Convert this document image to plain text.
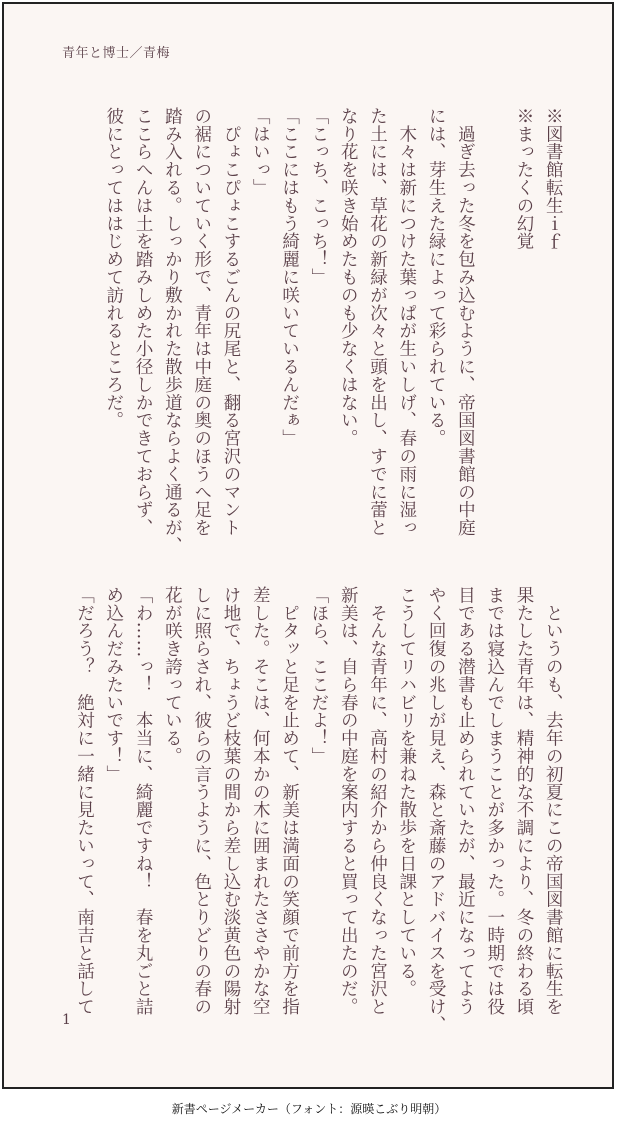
青年と博士／青梅
※図書館転生ｉｆ
※まったくの幻覚
　過ぎ去った冬を包み込むように、帝国図書館の中庭
には、芽生えた緑によって彩られている。
　木々は新につけた葉っぱが生いしげ、春の雨に湿っ
た土には、草花の新緑が次々と頭を出し、すでに蕾と
なり花を咲き始めたものも少なくはない。
「こっち、こっち！」
「ここにはもう綺麗に咲いているんだぁ」
「はいっ」
　ぴょこぴょこするごんの尻尾と、翻る宮沢のマント
の裾についていく形で、青年は中庭の奥のほうへ足を
踏み入れる。しっかり敷かれた散歩道ならよく通るが、
ここらへんは土を踏みしめた小径しかできておらず、
彼にとってははじめて訪れるところだ。
　というのも、去年の初夏にこの帝国図書館に転生を
果たした青年は、精神的な不調により、冬の終わる頃
までは寝込んでしまうことが多かった。一時期では役
目である潜書も止められていたが、最近になってよう
やく回復の兆しが見え、森と斎藤のアドバイスを受け、
こうしてリハビリを兼ねた散歩を日課としている。
　そんな青年に、高村の紹介から仲良くなった宮沢と
新美は、自ら春の中庭を案内すると買って出たのだ。
「ほら、ここだよ！」
　ピタッと足を止めて、新美は満面の笑顔で前方を指
差した。そこは、何本かの木に囲まれたささやかな空
け地で、ちょうど枝葉の間から差し込む淡黄色の陽射
しに照らされ、彼らの言うように、色とりどりの春の
花が咲き誇っている。
「わ……っ！　本当に、綺麗ですね！　春を丸ごと詰
め込んだみたいです！」
「だろう？　絶対に一緒に見たいって、南吉と話して
1
新書ページメーカー（フォント：源暎こぶり明朝）
